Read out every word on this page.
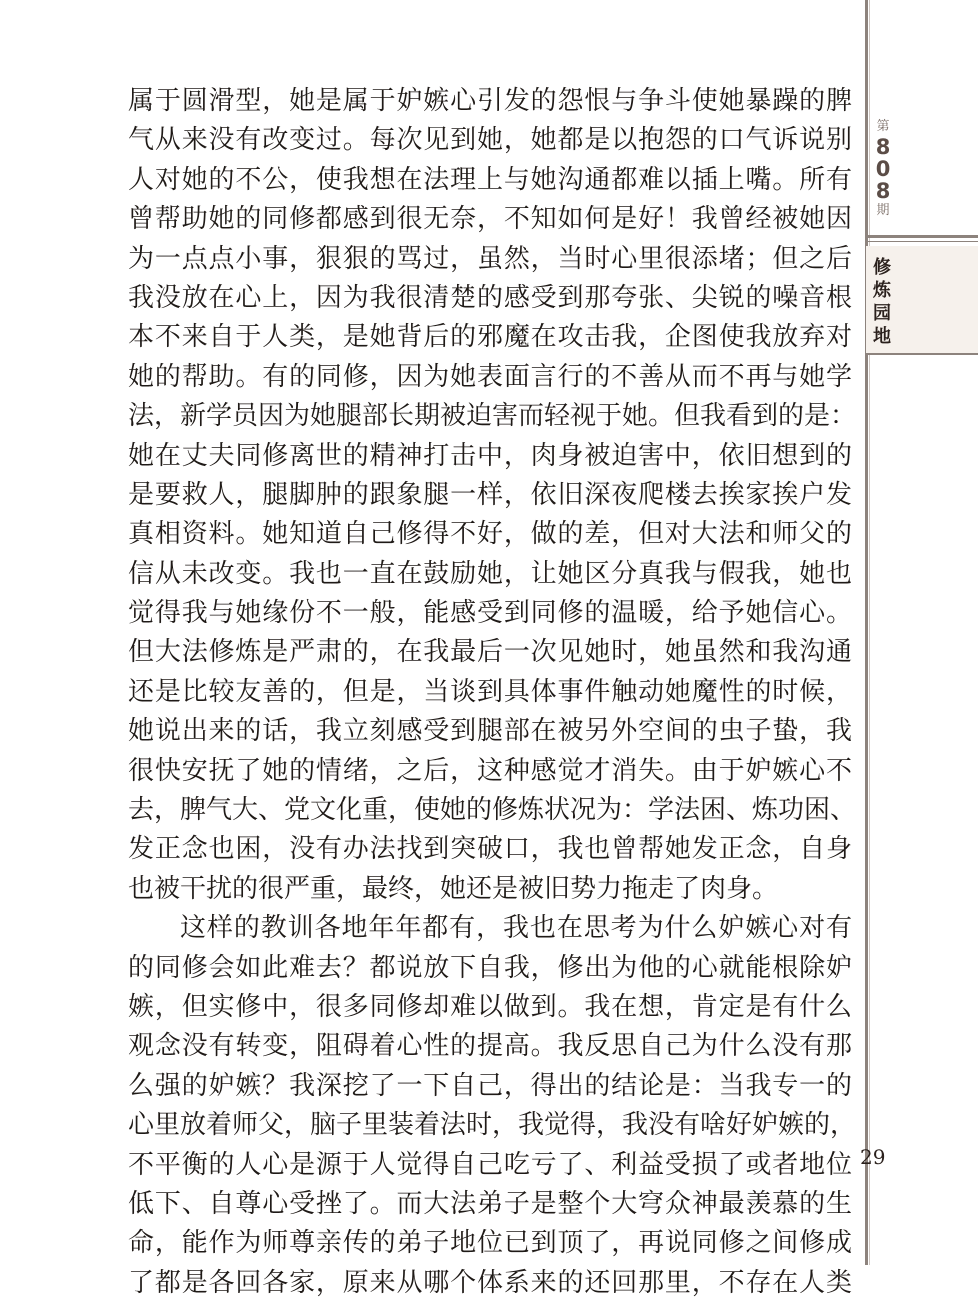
第
808
期
修炼园地
属于圆滑型，她是属于妒嫉心引发的怨恨与争斗使她暴躁的脾
气从来没有改变过。每次见到她，她都是以抱怨的口气诉说别
人对她的不公，使我想在法理上与她沟通都难以插上嘴。所有
曾帮助她的同修都感到很无奈，不知如何是好！我曾经被她因
为一点点小事，狠狠的骂过，虽然，当时心里很添堵；但之后
我没放在心上，因为我很清楚的感受到那夸张、尖锐的噪音根
本不来自于人类，是她背后的邪魔在攻击我，企图使我放弃对
她的帮助。有的同修，因为她表面言行的不善从而不再与她学
法，新学员因为她腿部长期被迫害而轻视于她。但我看到的是：
她在丈夫同修离世的精神打击中，肉身被迫害中，依旧想到的
是要救人，腿脚肿的跟象腿一样，依旧深夜爬楼去挨家挨户发
真相资料。她知道自己修得不好，做的差，但对大法和师父的
信从未改变。我也一直在鼓励她，让她区分真我与假我，她也
觉得我与她缘份不一般，能感受到同修的温暖，给予她信心。
但大法修炼是严肃的，在我最后一次见她时，她虽然和我沟通
还是比较友善的，但是，当谈到具体事件触动她魔性的时候，
她说出来的话，我立刻感受到腿部在被另外空间的虫子蛰，我
很快安抚了她的情绪，之后，这种感觉才消失。由于妒嫉心不
去，脾气大、党文化重，使她的修炼状况为：学法困、炼功困、
发正念也困，没有办法找到突破口，我也曾帮她发正念，自身
也被干扰的很严重，最终，她还是被旧势力拖走了肉身。
这样的教训各地年年都有，我也在思考为什么妒嫉心对有
的同修会如此难去？都说放下自我，修出为他的心就能根除妒
嫉，但实修中，很多同修却难以做到。我在想，肯定是有什么
观念没有转变，阻碍着心性的提高。我反思自己为什么没有那
么强的妒嫉？我深挖了一下自己，得出的结论是：当我专一的
心里放着师父，脑子里装着法时，我觉得，我没有啥好妒嫉的，
不平衡的人心是源于人觉得自己吃亏了、利益受损了或者地位
低下、自尊心受挫了。而大法弟子是整个大穹众神最羡慕的生
命，能作为师尊亲传的弟子地位已到顶了，再说同修之间修成
了都是各回各家，原来从哪个体系来的还回那里，不存在人类
29
